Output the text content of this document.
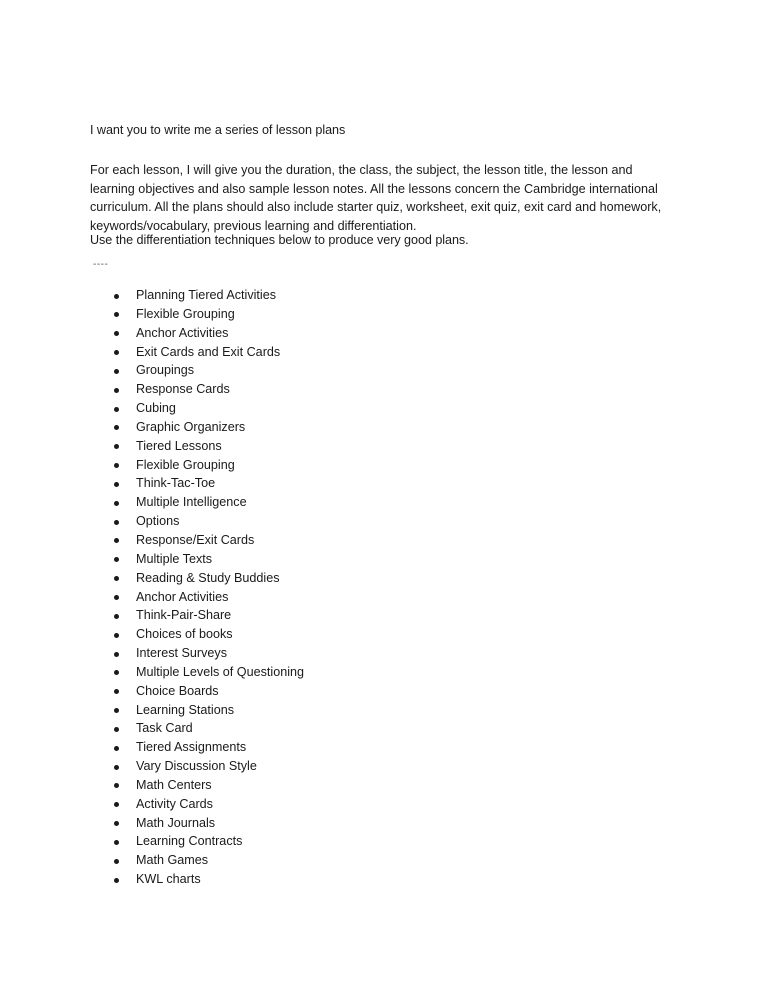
I want you to write me a series of lesson plans
For each lesson, I will give you the duration, the class, the subject, the lesson title, the lesson and
learning objectives and also sample lesson notes. All the lessons concern the Cambridge international
curriculum. All the plans should also include starter quiz, worksheet, exit quiz, exit card and homework,
keywords/vocabulary, previous learning and differentiation.
Use the differentiation techniques below to produce very good plans.
----
Planning Tiered Activities
Flexible Grouping
Anchor Activities
Exit Cards and Exit Cards
Groupings
Response Cards
Cubing
Graphic Organizers
Tiered Lessons
Flexible Grouping
Think-Tac-Toe
Multiple Intelligence
Options
Response/Exit Cards
Multiple Texts
Reading & Study Buddies
Anchor Activities
Think-Pair-Share
Choices of books
Interest Surveys
Multiple Levels of Questioning
Choice Boards
Learning Stations
Task Card
Tiered Assignments
Vary Discussion Style
Math Centers
Activity Cards
Math Journals
Learning Contracts
Math Games
KWL charts
